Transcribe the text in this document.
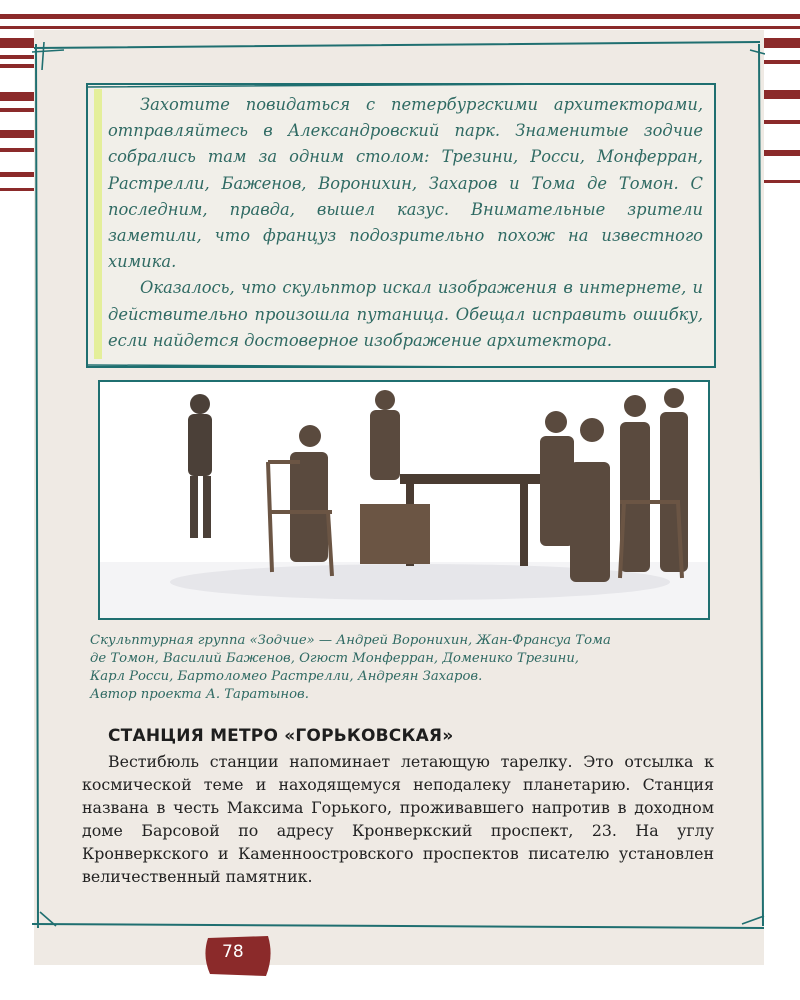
Захотите повидаться с петербургскими архитекторами, отправляйтесь в Александровский парк. Знаменитые зодчие собрались там за одним столом: Трезини, Росси, Монферран, Растрелли, Баженов, Воронихин, Захаров и Тома де Томон. С последним, правда, вышел казус. Внимательные зрители заметили, что француз подозрительно похож на известного химика.

Оказалось, что скульптор искал изображения в интернете, и действительно произошла путаница. Обещал исправить ошибку, если найдется достоверное изображение архитектора.

Скульптурная группа «Зодчие» — Андрей Воронихин, Жан-Франсуа Тома
де Томон, Василий Баженов, Огюст Монферран, Доменико Трезини,
Карл Росси, Бартоломео Растрелли, Андреян Захаров.
Автор проекта А. Таратынов.
СТАНЦИЯ МЕТРО «ГОРЬКОВСКАЯ»

Вестибюль станции напоминает летающую тарелку. Это отсылка к космической теме и находящемуся неподалеку планетарию. Станция названа в честь Максима Горького, проживавшего напротив в доходном доме Барсовой по адресу Кронверкский проспект, 23. На углу Кронверкского и Каменноостровского проспектов писателю установлен величественный памятник.

78
